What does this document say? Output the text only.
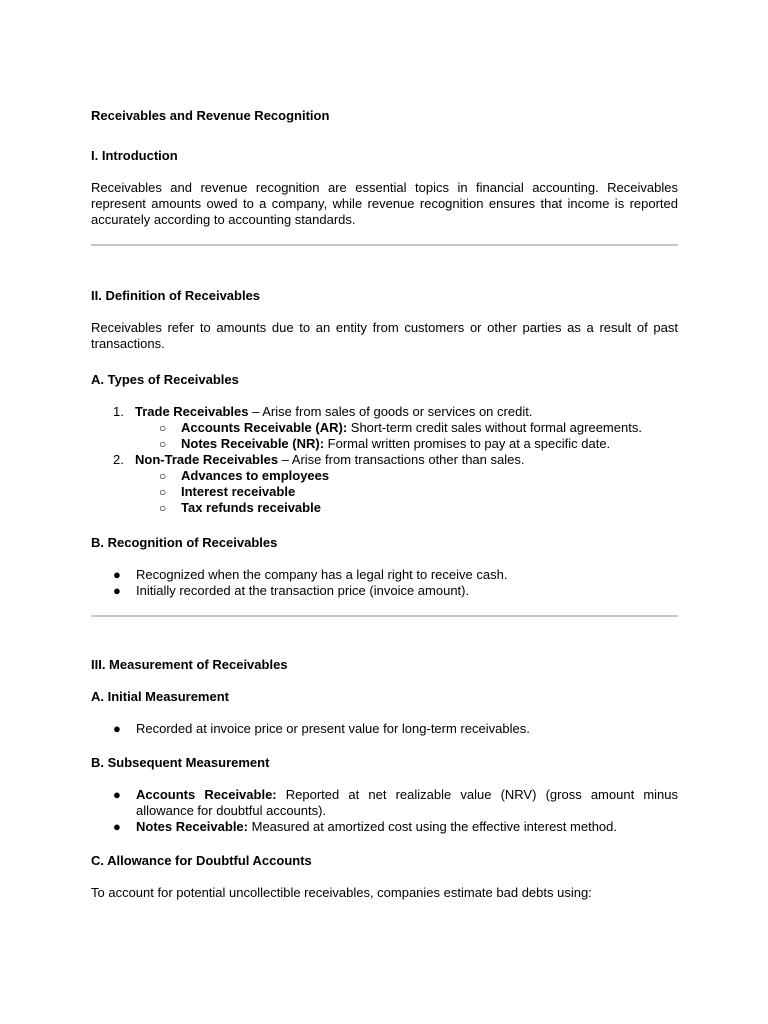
Receivables and Revenue Recognition
I. Introduction

Receivables and revenue recognition are essential topics in financial accounting. Receivables represent amounts owed to a company, while revenue recognition ensures that income is reported accurately according to accounting standards.

II. Definition of Receivables

Receivables refer to amounts due to an entity from customers or other parties as a result of past transactions.

A. Types of Receivables
1. Trade Receivables – Arise from sales of goods or services on credit.
○ Accounts Receivable (AR): Short-term credit sales without formal agreements.
○ Notes Receivable (NR): Formal written promises to pay at a specific date.
2. Non-Trade Receivables – Arise from transactions other than sales.
○ Advances to employees
○ Interest receivable
○ Tax refunds receivable
B. Recognition of Receivables
● Recognized when the company has a legal right to receive cash.
● Initially recorded at the transaction price (invoice amount).
III. Measurement of Receivables
A. Initial Measurement
● Recorded at invoice price or present value for long-term receivables.
B. Subsequent Measurement
● Accounts Receivable: Reported at net realizable value (NRV) (gross amount minus allowance for doubtful accounts).
● Notes Receivable: Measured at amortized cost using the effective interest method.
C. Allowance for Doubtful Accounts

To account for potential uncollectible receivables, companies estimate bad debts using:
